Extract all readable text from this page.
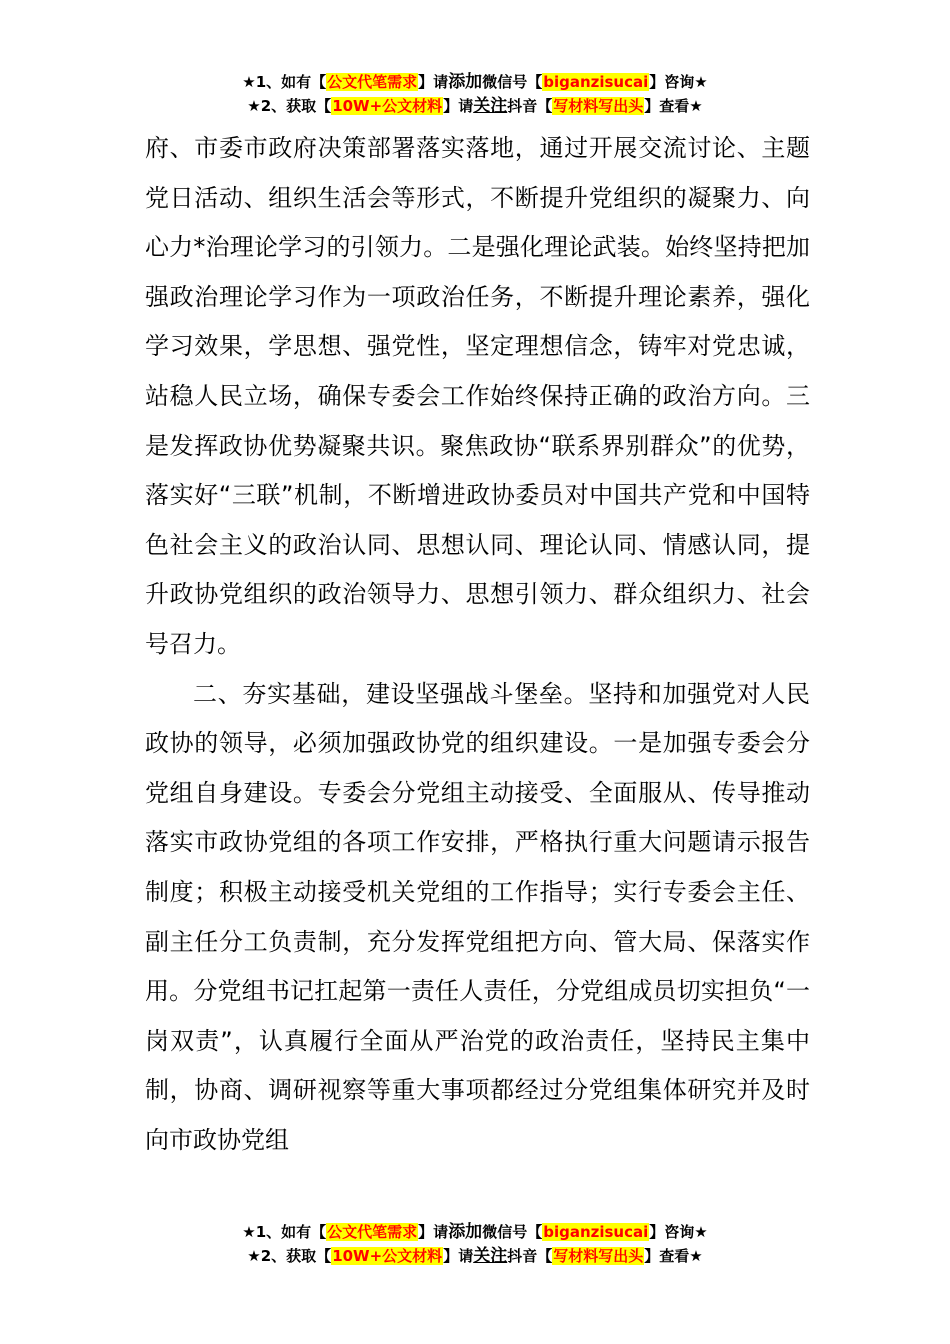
★1、如有【公文代笔需求】请添加微信号【biganzisucai】咨询★
★2、获取【10W+公文材料】请关注抖音【写材料写出头】查看★

府、市委市政府决策部署落实落地，通过开展交流讨论、主题党日活动、组织生活会等形式，不断提升党组织的凝聚力、向心力*治理论学习的引领力。二是强化理论武装。始终坚持把加强政治理论学习作为一项政治任务，不断提升理论素养，强化学习效果，学思想、强党性，坚定理想信念，铸牢对党忠诚，站稳人民立场，确保专委会工作始终保持正确的政治方向。三是发挥政协优势凝聚共识。聚焦政协“联系界别群众”的优势，落实好“三联”机制，不断增进政协委员对中国共产党和中国特色社会主义的政治认同、思想认同、理论认同、情感认同，提升政协党组织的政治领导力、思想引领力、群众组织力、社会号召力。

二、夯实基础，建设坚强战斗堡垒。坚持和加强党对人民政协的领导，必须加强政协党的组织建设。一是加强专委会分党组自身建设。专委会分党组主动接受、全面服从、传导推动落实市政协党组的各项工作安排，严格执行重大问题请示报告制度；积极主动接受机关党组的工作指导；实行专委会主任、副主任分工负责制，充分发挥党组把方向、管大局、保落实作用。分党组书记扛起第一责任人责任，分党组成员切实担负“一岗双责”，认真履行全面从严治党的政治责任，坚持民主集中制，协商、调研视察等重大事项都经过分党组集体研究并及时向市政协党组

★1、如有【公文代笔需求】请添加微信号【biganzisucai】咨询★
★2、获取【10W+公文材料】请关注抖音【写材料写出头】查看★
